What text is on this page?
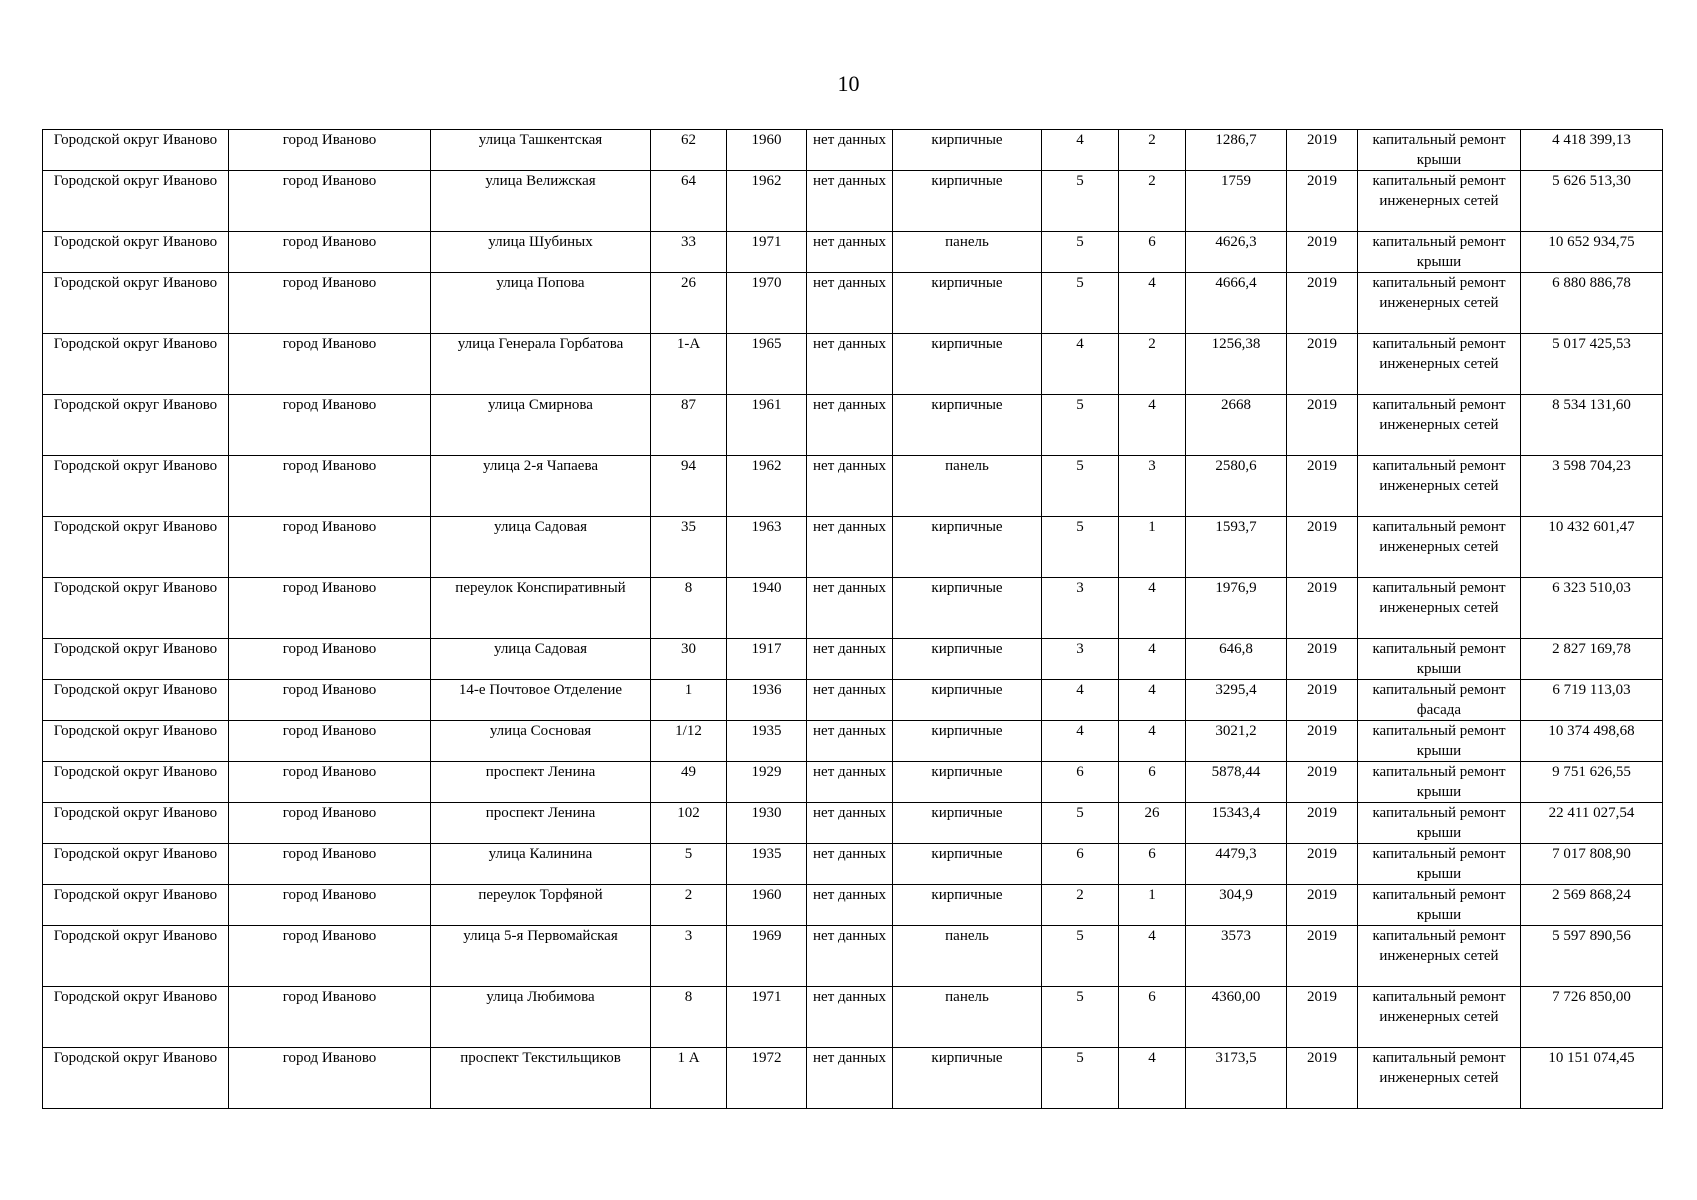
10
Городской округ Иваново	город Иваново	улица Ташкентская	62	1960	нет данных	кирпичные	4	2	1286,7	2019	капитальный ремонт крыши	4 418 399,13
Городской округ Иваново	город Иваново	улица Велижская	64	1962	нет данных	кирпичные	5	2	1759	2019	капитальный ремонт инженерных сетей	5 626 513,30
Городской округ Иваново	город Иваново	улица Шубиных	33	1971	нет данных	панель	5	6	4626,3	2019	капитальный ремонт крыши	10 652 934,75
Городской округ Иваново	город Иваново	улица Попова	26	1970	нет данных	кирпичные	5	4	4666,4	2019	капитальный ремонт инженерных сетей	6 880 886,78
Городской округ Иваново	город Иваново	улица Генерала Горбатова	1-А	1965	нет данных	кирпичные	4	2	1256,38	2019	капитальный ремонт инженерных сетей	5 017 425,53
Городской округ Иваново	город Иваново	улица Смирнова	87	1961	нет данных	кирпичные	5	4	2668	2019	капитальный ремонт инженерных сетей	8 534 131,60
Городской округ Иваново	город Иваново	улица 2-я Чапаева	94	1962	нет данных	панель	5	3	2580,6	2019	капитальный ремонт инженерных сетей	3 598 704,23
Городской округ Иваново	город Иваново	улица Садовая	35	1963	нет данных	кирпичные	5	1	1593,7	2019	капитальный ремонт инженерных сетей	10 432 601,47
Городской округ Иваново	город Иваново	переулок Конспиративный	8	1940	нет данных	кирпичные	3	4	1976,9	2019	капитальный ремонт инженерных сетей	6 323 510,03
Городской округ Иваново	город Иваново	улица Садовая	30	1917	нет данных	кирпичные	3	4	646,8	2019	капитальный ремонт крыши	2 827 169,78
Городской округ Иваново	город Иваново	14-е Почтовое Отделение	1	1936	нет данных	кирпичные	4	4	3295,4	2019	капитальный ремонт фасада	6 719 113,03
Городской округ Иваново	город Иваново	улица Сосновая	1/12	1935	нет данных	кирпичные	4	4	3021,2	2019	капитальный ремонт крыши	10 374 498,68
Городской округ Иваново	город Иваново	проспект Ленина	49	1929	нет данных	кирпичные	6	6	5878,44	2019	капитальный ремонт крыши	9 751 626,55
Городской округ Иваново	город Иваново	проспект Ленина	102	1930	нет данных	кирпичные	5	26	15343,4	2019	капитальный ремонт крыши	22 411 027,54
Городской округ Иваново	город Иваново	улица Калинина	5	1935	нет данных	кирпичные	6	6	4479,3	2019	капитальный ремонт крыши	7 017 808,90
Городской округ Иваново	город Иваново	переулок Торфяной	2	1960	нет данных	кирпичные	2	1	304,9	2019	капитальный ремонт крыши	2 569 868,24
Городской округ Иваново	город Иваново	улица 5-я Первомайская	3	1969	нет данных	панель	5	4	3573	2019	капитальный ремонт инженерных сетей	5 597 890,56
Городской округ Иваново	город Иваново	улица Любимова	8	1971	нет данных	панель	5	6	4360,00	2019	капитальный ремонт инженерных сетей	7 726 850,00
Городской округ Иваново	город Иваново	проспект Текстильщиков	1 А	1972	нет данных	кирпичные	5	4	3173,5	2019	капитальный ремонт инженерных сетей	10 151 074,45
